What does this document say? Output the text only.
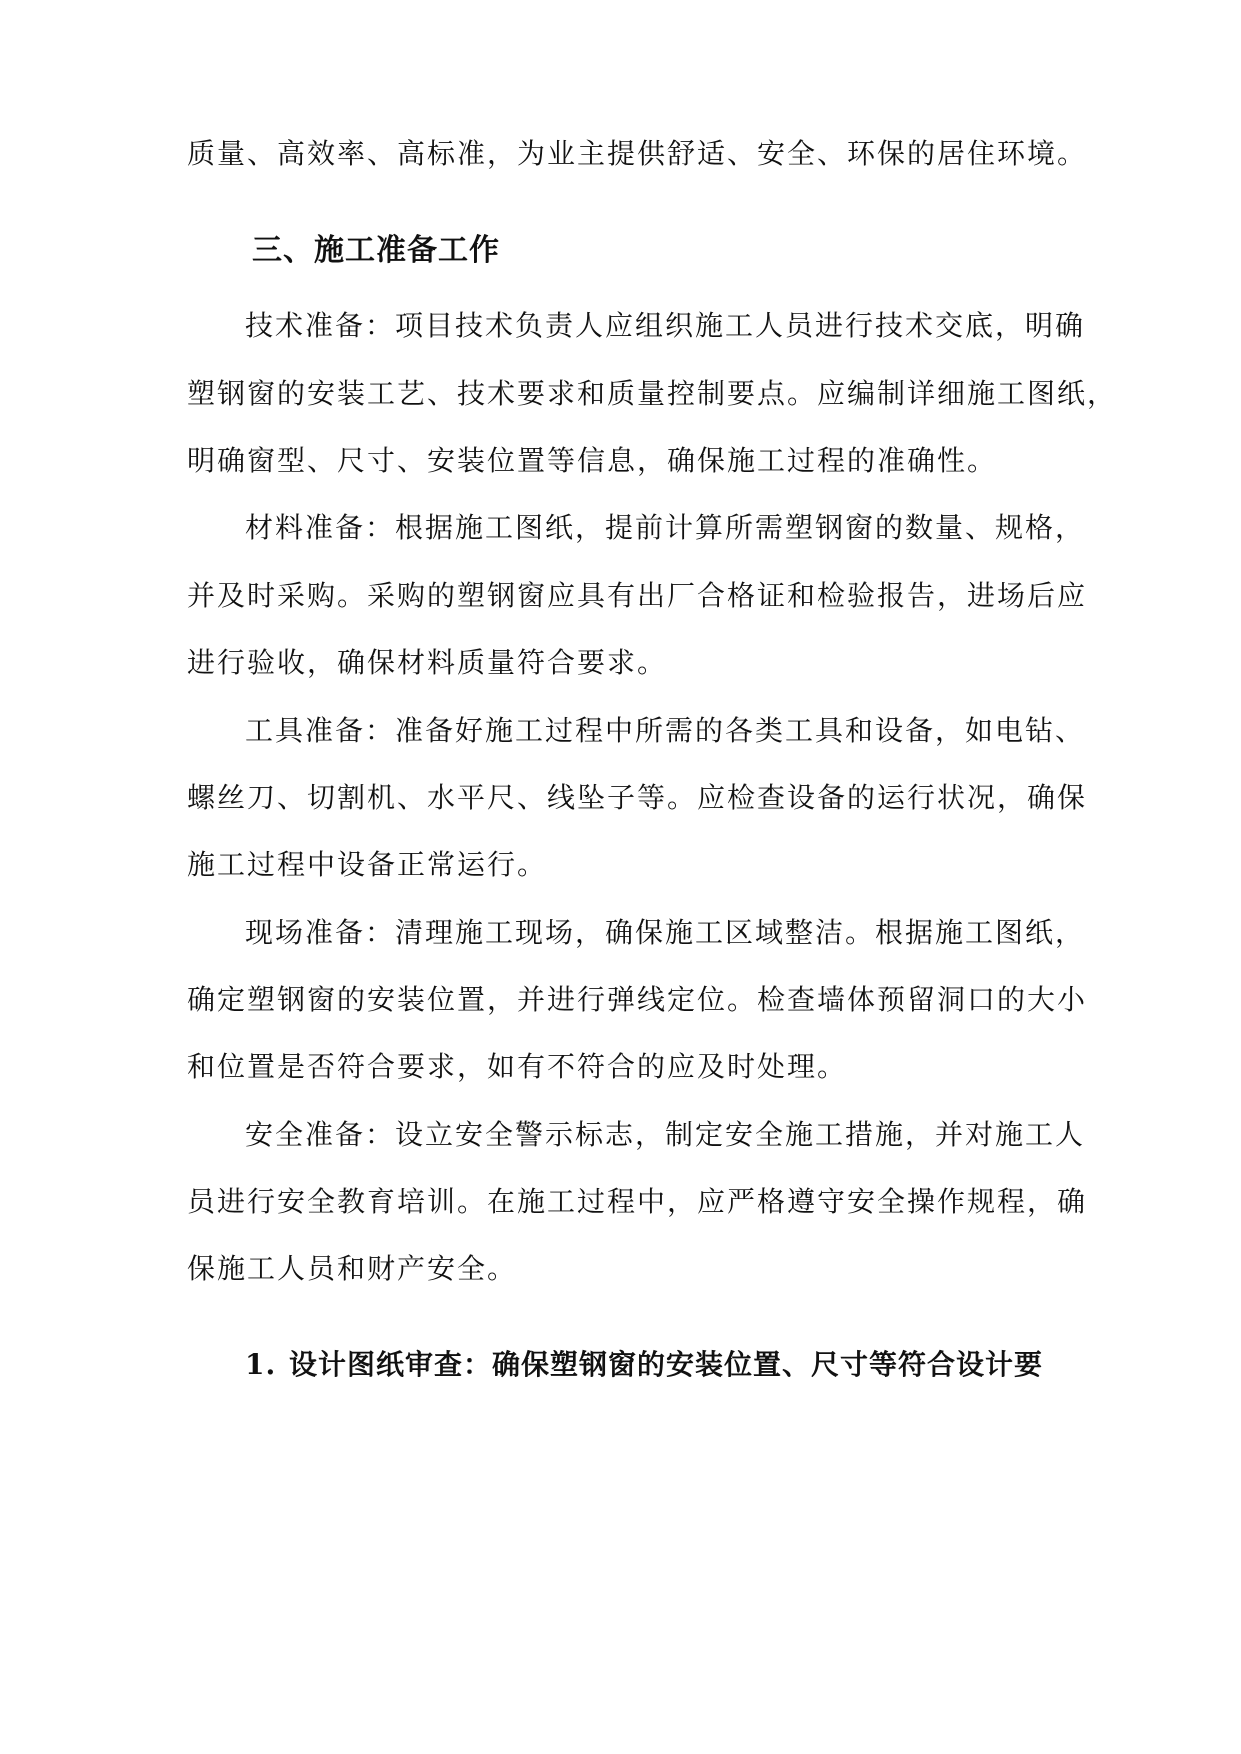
质量、高效率、高标准，为业主提供舒适、安全、环保的居住环境。
三、施工准备工作
技术准备：项目技术负责人应组织施工人员进行技术交底，明确
塑钢窗的安装工艺、技术要求和质量控制要点。应编制详细施工图纸，
明确窗型、尺寸、安装位置等信息，确保施工过程的准确性。
材料准备：根据施工图纸，提前计算所需塑钢窗的数量、规格，
并及时采购。采购的塑钢窗应具有出厂合格证和检验报告，进场后应
进行验收，确保材料质量符合要求。
工具准备：准备好施工过程中所需的各类工具和设备，如电钻、
螺丝刀、切割机、水平尺、线坠子等。应检查设备的运行状况，确保
施工过程中设备正常运行。
现场准备：清理施工现场，确保施工区域整洁。根据施工图纸，
确定塑钢窗的安装位置，并进行弹线定位。检查墙体预留洞口的大小
和位置是否符合要求，如有不符合的应及时处理。
安全准备：设立安全警示标志，制定安全施工措施，并对施工人
员进行安全教育培训。在施工过程中，应严格遵守安全操作规程，确
保施工人员和财产安全。
1. 设计图纸审查：确保塑钢窗的安装位置、尺寸等符合设计要
